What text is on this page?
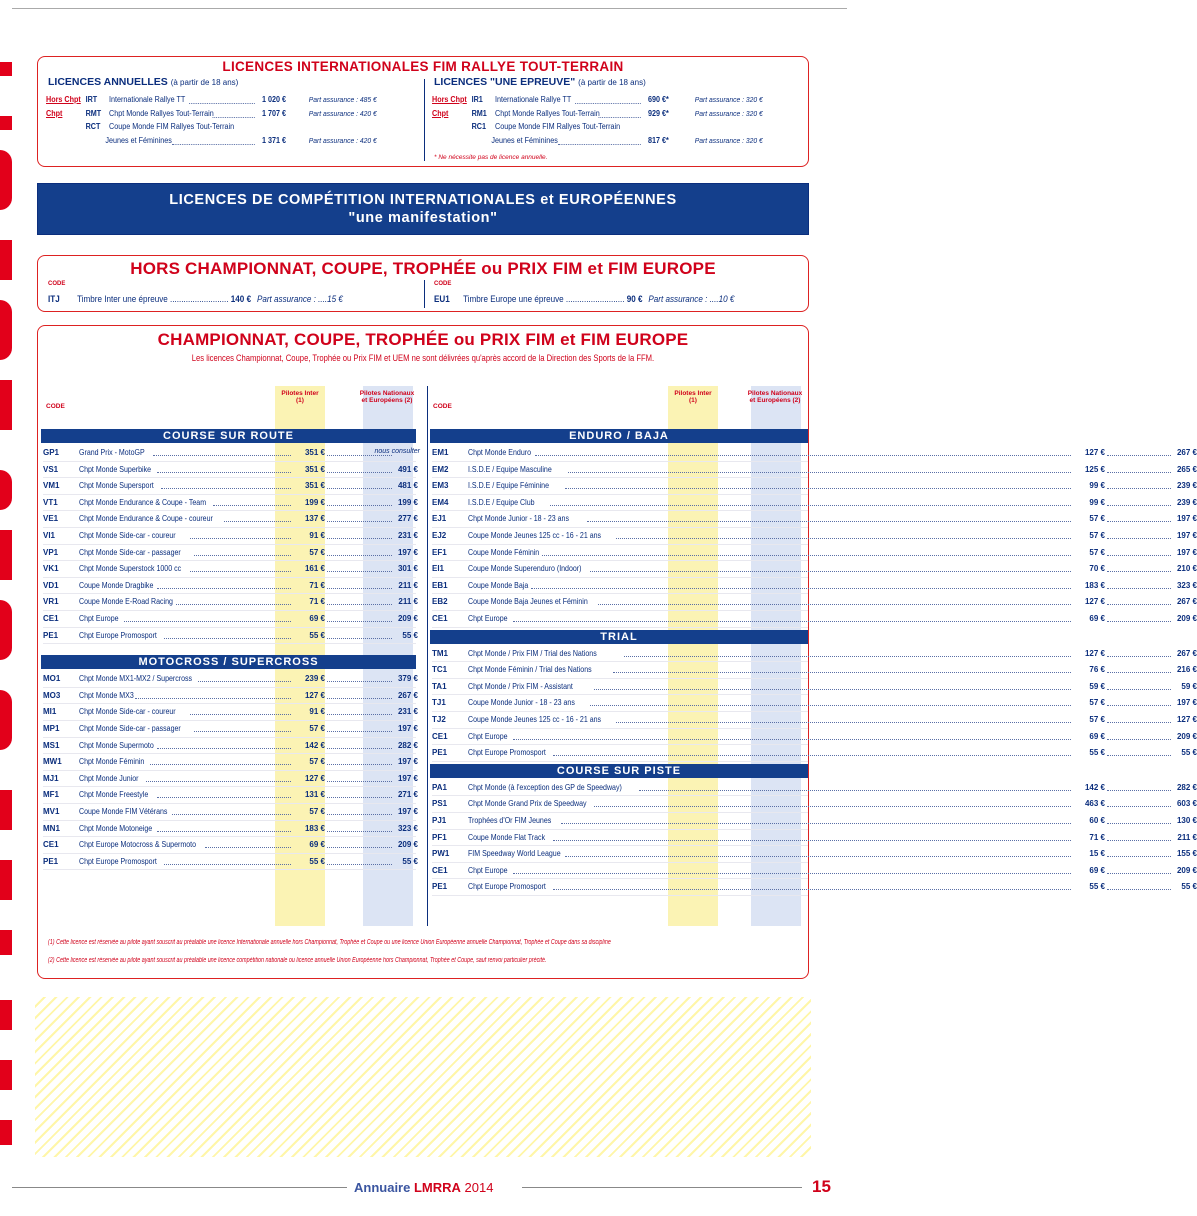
LICENCES INTERNATIONALES FIM RALLYE TOUT-TERRAIN
LICENCES ANNUELLES (à partir de 18 ans)	LICENCES "UNE EPREUVE" (à partir de 18 ans)
Hors Chpt IRT	Internationale Rallye TT	1 020 €	Part assurance : 485 €
Chpt	RMT Chpt Monde Rallyes Tout-Terrain	1 707 €	Part assurance : 420 €
RCT	Coupe Monde FIM Rallyes Tout-Terrain
Jeunes et Féminines	1 371 €	Part assurance : 420 €
Hors Chpt IR1	Internationale Rallye TT	690 €*	Part assurance : 320 €
Chpt	RM1	Chpt Monde Rallyes Tout-Terrain	929 €*	Part assurance : 320 €
RC1	Coupe Monde FIM Rallyes Tout-Terrain
Jeunes et Féminines	817 €*	Part assurance : 320 €
* Ne nécessite pas de licence annuelle.
LICENCES DE COMPÉTITION INTERNATIONALES et EUROPÉENNES
"une manifestation"
HORS CHAMPIONNAT, COUPE, TROPHÉE ou PRIX FIM et FIM EUROPE
CODE
ITJ Timbre Inter une épreuve .......................... 140 € Part assurance : ....15 €
CODE
EU1 Timbre Europe une épreuve .......................... 90 € Part assurance : ....10 €
CHAMPIONNAT, COUPE, TROPHÉE ou PRIX FIM et FIM EUROPE
Les licences Championnat, Coupe, Trophée ou Prix FIM et UEM ne sont délivrées qu'après accord de la Direction des Sports de la FFM.
CODE
Pilotes Inter (1)
Pilotes Nationaux et Européens (2)
CODE
Pilotes Inter (1)
Pilotes Nationaux et Européens (2)
COURSE SUR ROUTE
GP1	Grand Prix - MotoGP	351 €	nous consulter
VS1	Chpt Monde Superbike	351 €	491 €
VM1	Chpt Monde Supersport	351 €	481 €
VT1	Chpt Monde Endurance & Coupe - Team	199 €	199 €
VE1	Chpt Monde Endurance & Coupe - coureur	137 €	277 €
VI1	Chpt Monde Side-car - coureur	91 €	231 €
VP1	Chpt Monde Side-car - passager	57 €	197 €
VK1	Chpt Monde Superstock 1000 cc	161 €	301 €
VD1	Coupe Monde Dragbike	71 €	211 €
VR1	Coupe Monde E-Road Racing	71 €	211 €
CE1	Chpt Europe	69 €	209 €
PE1	Chpt Europe Promosport	55 €	55 €
MOTOCROSS / SUPERCROSS
MO1	Chpt Monde MX1-MX2 / Supercross	239 €	379 €
MO3	Chpt Monde MX3	127 €	267 €
MI1	Chpt Monde Side-car - coureur	91 €	231 €
MP1	Chpt Monde Side-car - passager	57 €	197 €
MS1	Chpt Monde Supermoto	142 €	282 €
MW1	Chpt Monde Féminin	57 €	197 €
MJ1	Chpt Monde Junior	127 €	197 €
MF1	Chpt Monde Freestyle	131 €	271 €
MV1	Coupe Monde FIM Vétérans	57 €	197 €
MN1	Chpt Monde Motoneige	183 €	323 €
CE1	Chpt Europe Motocross & Supermoto	69 €	209 €
PE1	Chpt Europe Promosport	55 €	55 €
ENDURO / BAJA
EM1	Chpt Monde Enduro	127 €	267 €
EM2	I.S.D.E / Equipe Masculine	125 €	265 €
EM3	I.S.D.E / Equipe Féminine	99 €	239 €
EM4	I.S.D.E / Equipe Club	99 €	239 €
EJ1	Chpt Monde Junior - 18 - 23 ans	57 €	197 €
EJ2	Coupe Monde Jeunes 125 cc - 16 - 21 ans	57 €	197 €
EF1	Coupe Monde Féminin	57 €	197 €
EI1	Coupe Monde Superenduro (Indoor)	70 €	210 €
EB1	Coupe Monde Baja	183 €	323 €
EB2	Coupe Monde Baja Jeunes et Féminin	127 €	267 €
CE1	Chpt Europe	69 €	209 €
TRIAL
TM1	Chpt Monde / Prix FIM / Trial des Nations	127 €	267 €
TC1	Chpt Monde Féminin / Trial des Nations	76 €	216 €
TA1	Chpt Monde / Prix FIM - Assistant	59 €	59 €
TJ1	Coupe Monde Junior - 18 - 23 ans	57 €	197 €
TJ2	Coupe Monde Jeunes 125 cc - 16 - 21 ans	57 €	127 €
CE1	Chpt Europe	69 €	209 €
PE1	Chpt Europe Promosport	55 €	55 €
COURSE SUR PISTE
PA1	Chpt Monde (à l'exception des GP de Speedway)	142 €	282 €
PS1	Chpt Monde Grand Prix de Speedway	463 €	603 €
PJ1	Trophées d'Or FIM Jeunes	60 €	130 €
PF1	Coupe Monde Flat Track	71 €	211 €
PW1	FIM Speedway World League	15 €	155 €
CE1	Chpt Europe	69 €	209 €
PE1	Chpt Europe Promosport	55 €	55 €
(1) Cette licence est réservée au pilote ayant souscrit au préalable une licence Internationale annuelle hors Championnat, Trophée et Coupe ou une licence Union Européenne annuelle Championnat, Trophée et Coupe dans sa discipline
(2) Cette licence est réservée au pilote ayant souscrit au préalable une licence compétition nationale ou licence annuelle Union Européenne hors Championnat, Trophée et Coupe, sauf renvoi particulier précité.
Annuaire LMRRA 2014	15
